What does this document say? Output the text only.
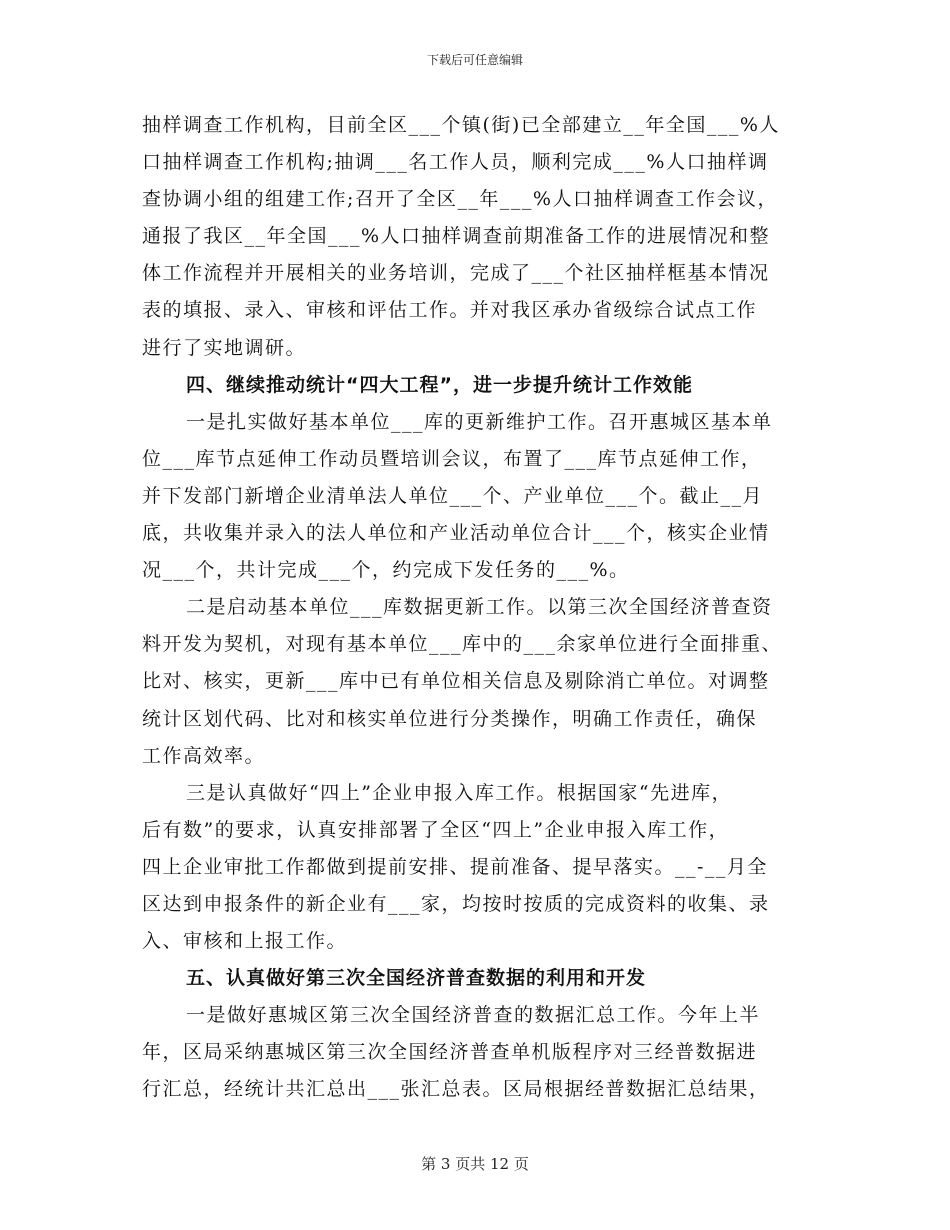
下载后可任意编辑
抽样调查工作机构，目前全区___个镇(街)已全部建立__年全国___%人
口抽样调查工作机构;抽调___名工作人员，顺利完成___%人口抽样调
查协调小组的组建工作;召开了全区__年___%人口抽样调查工作会议，
通报了我区__年全国___%人口抽样调查前期准备工作的进展情况和整
体工作流程并开展相关的业务培训，完成了___个社区抽样框基本情况
表的填报、录入、审核和评估工作。并对我区承办省级综合试点工作
进行了实地调研。
四、继续推动统计“四大工程”，进一步提升统计工作效能
一是扎实做好基本单位___库的更新维护工作。召开惠城区基本单
位___库节点延伸工作动员暨培训会议，布置了___库节点延伸工作，
并下发部门新增企业清单法人单位___个、产业单位___个。截止__月
底，共收集并录入的法人单位和产业活动单位合计___个，核实企业情
况___个，共计完成___个，约完成下发任务的___%。
二是启动基本单位___库数据更新工作。以第三次全国经济普查资
料开发为契机，对现有基本单位___库中的___余家单位进行全面排重、
比对、核实，更新___库中已有单位相关信息及剔除消亡单位。对调整
统计区划代码、比对和核实单位进行分类操作，明确工作责任，确保
工作高效率。
三是认真做好“四上”企业申报入库工作。根据国家“先进库，
后有数”的要求，认真安排部署了全区“四上”企业申报入库工作，
四上企业审批工作都做到提前安排、提前准备、提早落实。__-__月全
区达到申报条件的新企业有___家，均按时按质的完成资料的收集、录
入、审核和上报工作。
五、认真做好第三次全国经济普查数据的利用和开发
一是做好惠城区第三次全国经济普查的数据汇总工作。今年上半
年，区局采纳惠城区第三次全国经济普查单机版程序对三经普数据进
行汇总，经统计共汇总出___张汇总表。区局根据经普数据汇总结果，
第 3 页共 12 页
